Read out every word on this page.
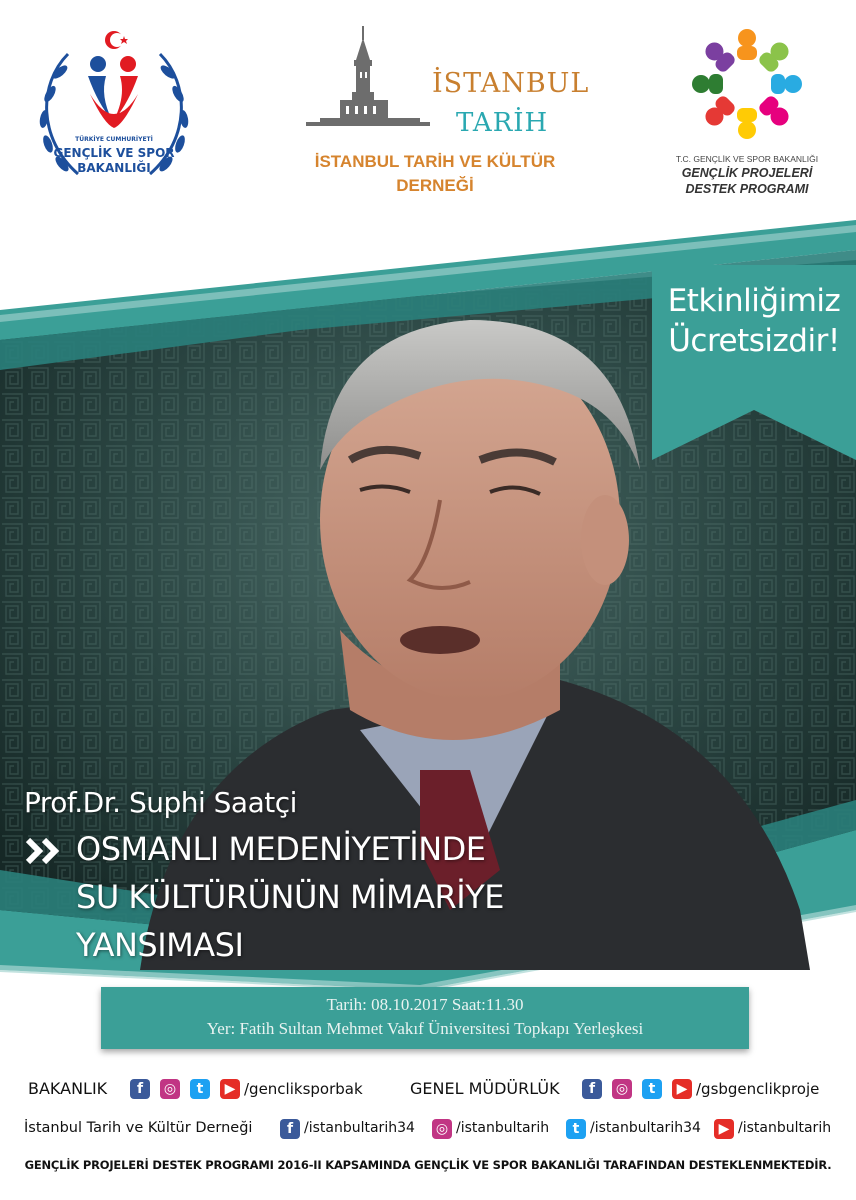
TÜRKİYE CUMHURİYETİ
GENÇLİK VE SPOR
BAKANLIĞI
İSTANBUL
TARİH
İSTANBUL TARİH VE KÜLTÜR
DERNEĞİ
T.C. GENÇLİK VE SPOR BAKANLIĞI
GENÇLİK PROJELERİ
DESTEK PROGRAMI
Etkinliğimiz
Ücretsizdir!
Prof.Dr. Suphi Saatçi
OSMANLI MEDENİYETİNDE
SU KÜLTÜRÜNÜN MİMARİYE
YANSIMASI
Tarih: 08.10.2017 Saat:11.30
Yer: Fatih Sultan Mehmet Vakıf Üniversitesi Topkapı Yerleşkesi
BAKANLIK	f	◎	t	▶ /gencliksporbak	GENEL MÜDÜRLÜK	f	◎	t	▶ /gsbgenclikproje
İstanbul Tarih ve Kültür Derneği	f /istanbultarih34 ◎ /istanbultarih	t /istanbultarih34	▶ /istanbultarih
GENÇLİK PROJELERİ DESTEK PROGRAMI 2016-II KAPSAMINDA GENÇLİK VE SPOR BAKANLIĞI TARAFINDAN DESTEKLENMEKTEDİR.
